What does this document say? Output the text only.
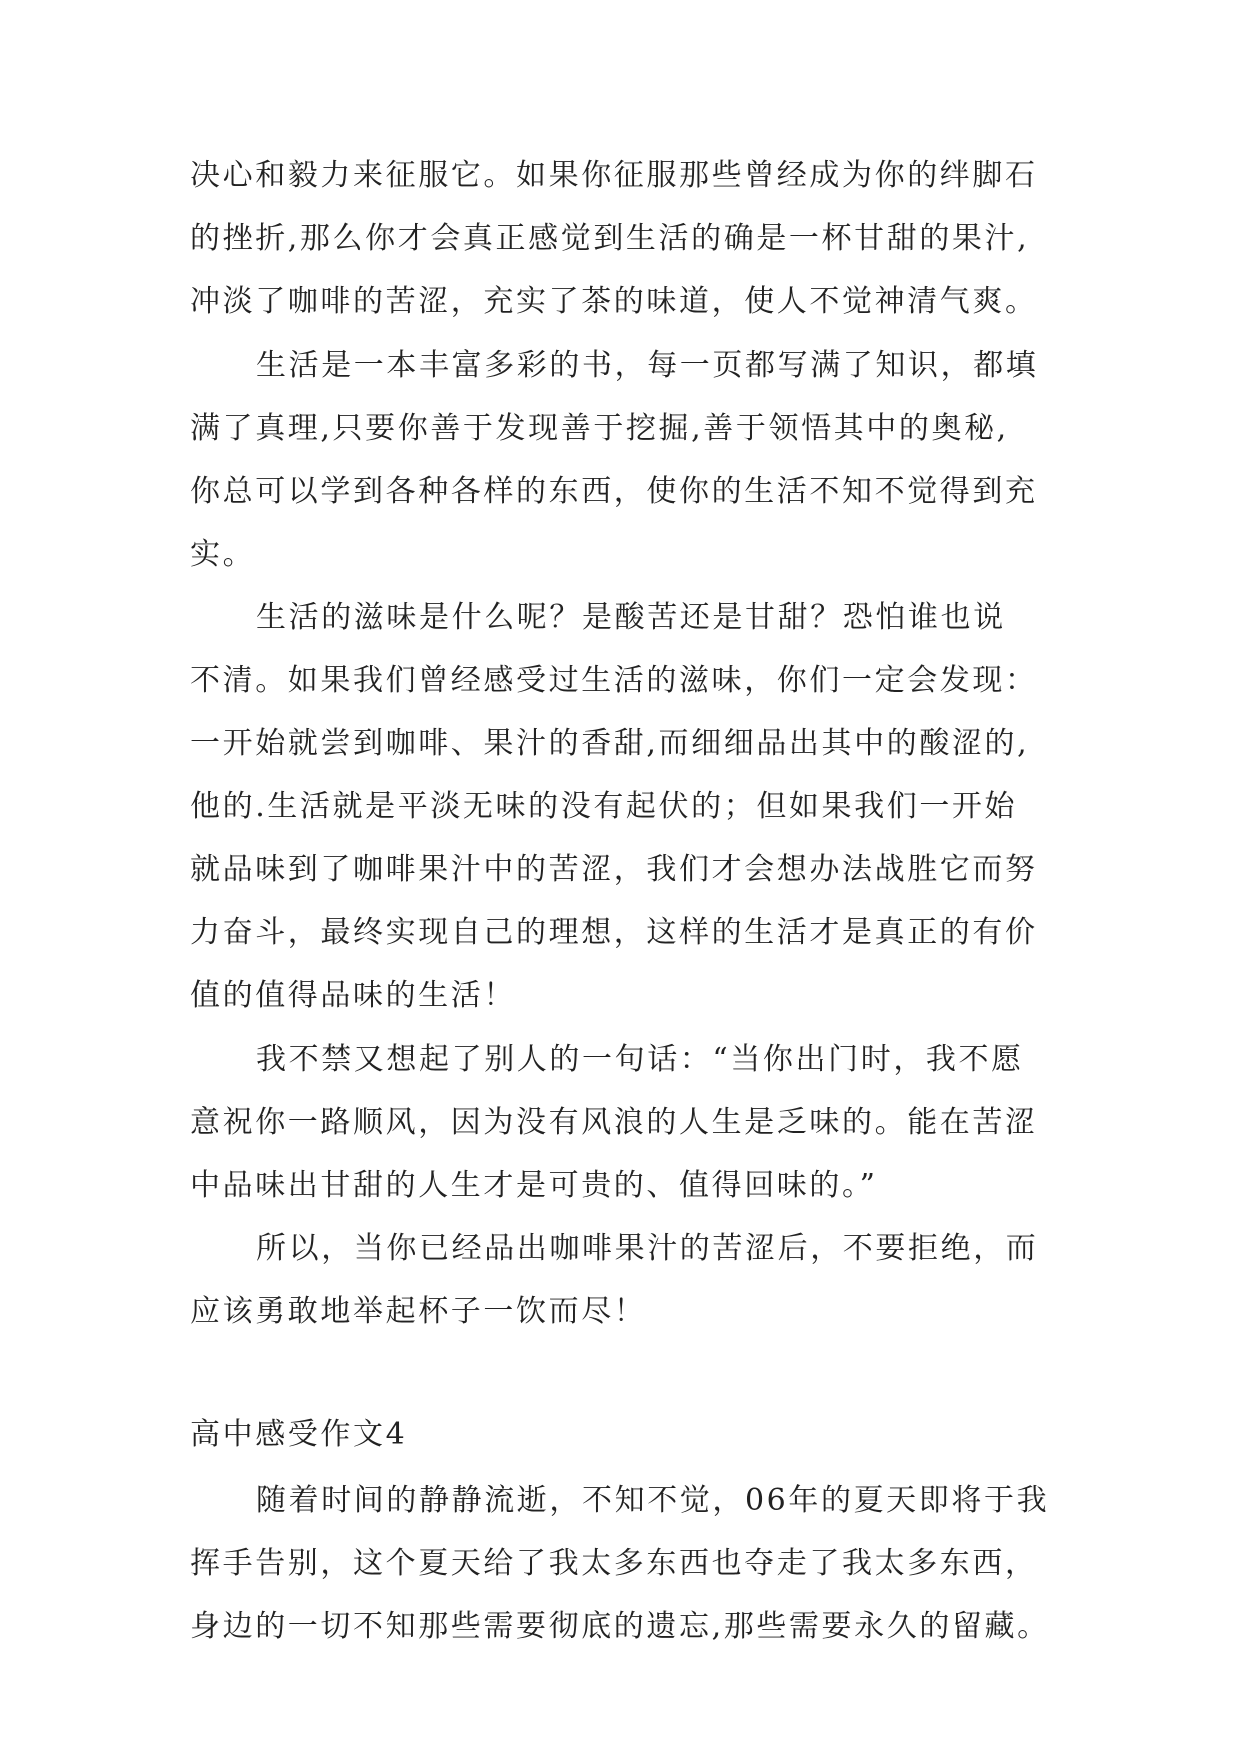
决心和毅力来征服它。如果你征服那些曾经成为你的绊脚石
的挫折,那么你才会真正感觉到生活的确是一杯甘甜的果汁,
冲淡了咖啡的苦涩，充实了茶的味道，使人不觉神清气爽。
生活是一本丰富多彩的书，每一页都写满了知识，都填
满了真理,只要你善于发现善于挖掘,善于领悟其中的奥秘,
你总可以学到各种各样的东西，使你的生活不知不觉得到充
实。
生活的滋味是什么呢？是酸苦还是甘甜？恐怕谁也说
不清。如果我们曾经感受过生活的滋味，你们一定会发现：
一开始就尝到咖啡、果汁的香甜,而细细品出其中的酸涩的,
他的.生活就是平淡无味的没有起伏的；但如果我们一开始
就品味到了咖啡果汁中的苦涩，我们才会想办法战胜它而努
力奋斗，最终实现自己的理想，这样的生活才是真正的有价
值的值得品味的生活！
我不禁又想起了别人的一句话：“当你出门时，我不愿
意祝你一路顺风，因为没有风浪的人生是乏味的。能在苦涩
中品味出甘甜的人生才是可贵的、值得回味的。”
所以，当你已经品出咖啡果汁的苦涩后，不要拒绝，而
应该勇敢地举起杯子一饮而尽！
高中感受作文4
随着时间的静静流逝，不知不觉，06年的夏天即将于我
挥手告别，这个夏天给了我太多东西也夺走了我太多东西，
身边的一切不知那些需要彻底的遗忘,那些需要永久的留藏。
